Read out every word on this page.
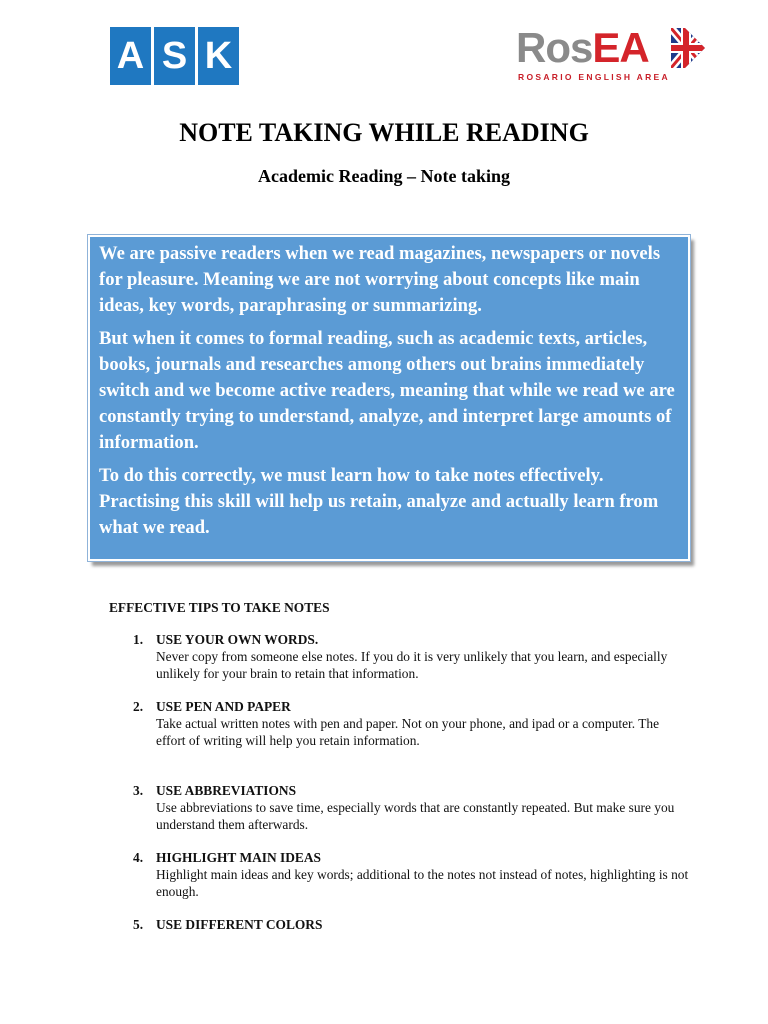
A S K	RosEA
ROSARIO ENGLISH AREA
NOTE TAKING WHILE READING
Academic Reading – Note taking

We are passive readers when we read magazines, newspapers or novels for pleasure. Meaning we are not worrying about concepts like main ideas, key words, paraphrasing or summarizing.

But when it comes to formal reading, such as academic texts, articles, books, journals and researches among others out brains immediately switch and we become active readers, meaning that while we read we are constantly trying to understand, analyze, and interpret large amounts of information.

To do this correctly, we must learn how to take notes effectively. Practising this skill will help us retain, analyze and actually learn from what we read.

EFFECTIVE TIPS TO TAKE NOTES
1. USE YOUR OWN WORDS.
Never copy from someone else notes. If you do it is very unlikely that you learn, and especially unlikely for your brain to retain that information.
2. USE PEN AND PAPER
Take actual written notes with pen and paper. Not on your phone, and ipad or a computer. The effort of writing will help you retain information.
3. USE ABBREVIATIONS
Use abbreviations to save time, especially words that are constantly repeated. But make sure you understand them afterwards.
4. HIGHLIGHT MAIN IDEAS
Highlight main ideas and key words; additional to the notes not instead of notes, highlighting is not enough.
5. USE DIFFERENT COLORS
